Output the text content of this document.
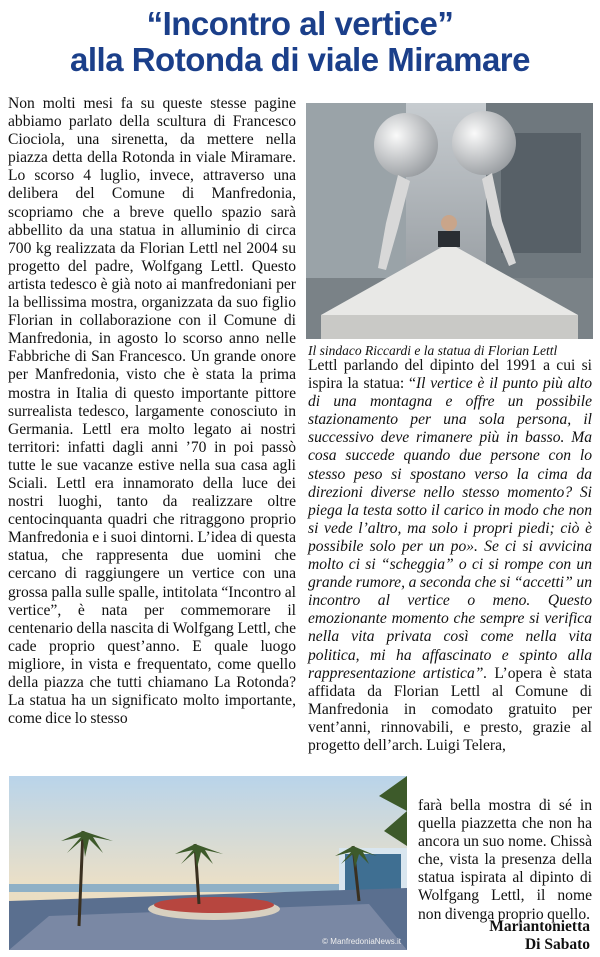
“Incontro al vertice”
alla Rotonda di viale Miramare
Non molti mesi fa su queste stesse pagine abbiamo parlato della scultura di Francesco Ciociola, una sirenetta, da mettere nella piazza detta della Rotonda in viale Miramare. Lo scorso 4 luglio, invece, attraverso una delibera del Comune di Manfredonia, scopriamo che a breve quello spazio sarà abbellito da una statua in alluminio di circa 700 kg realizzata da Florian Lettl nel 2004 su progetto del padre, Wolfgang Lettl. Questo artista tedesco è già noto ai manfredoniani per la bellissima mostra, organizzata da suo figlio Florian in collaborazione con il Comune di Manfredonia, in agosto lo scorso anno nelle Fabbriche di San Francesco. Un grande onore per Manfredonia, visto che è stata la prima mostra in Italia di questo importante pittore surrealista tedesco, largamente conosciuto in Germania. Lettl era molto legato ai nostri territori: infatti dagli anni ’70 in poi passò tutte le sue vacanze estive nella sua casa agli Sciali. Lettl era innamorato della luce dei nostri luoghi, tanto da realizzare oltre centocinquanta quadri che ritraggono proprio Manfredonia e i suoi dintorni. L’idea di questa statua, che rappresenta due uomini che cercano di raggiungere un vertice con una grossa palla sulle spalle, intitolata “Incontro al vertice”, è nata per commemorare il centenario della nascita di Wolfgang Lettl, che cade proprio quest’anno. E quale luogo migliore, in vista e frequentato, come quello della piazza che tutti chiamano La Rotonda? La statua ha un significato molto importante, come dice lo stesso
Il sindaco Riccardi e la statua di Florian Lettl
Lettl parlando del dipinto del 1991 a cui si ispira la statua: “Il vertice è il punto più alto di una montagna e offre un possibile stazionamento per una sola persona, il successivo deve rimanere più in basso. Ma cosa succede quando due persone con lo stesso peso si spostano verso la cima da direzioni diverse nello stesso momento? Si piega la testa sotto il carico in modo che non si vede l’altro, ma solo i propri piedi; ciò è possibile solo per un po». Se ci si avvicina molto ci si “scheggia” o ci si rompe con un grande rumore, a seconda che si “accetti” un incontro al vertice o meno. Questo emozionante momento che sempre si verifica nella vita privata così come nella vita politica, mi ha affascinato e spinto alla rappresentazione artistica”. L’opera è stata affidata da Florian Lettl al Comune di Manfredonia in comodato gratuito per vent’anni, rinnovabili, e presto, grazie al progetto dell’arch. Luigi Telera,
© ManfredoniaNews.it
farà bella mostra di sé in quella piazzetta che non ha ancora un suo nome. Chissà che, vista la presenza della statua ispirata al dipinto di Wolfgang Lettl, il nome non divenga proprio quello.
Mariantonietta
Di Sabato
